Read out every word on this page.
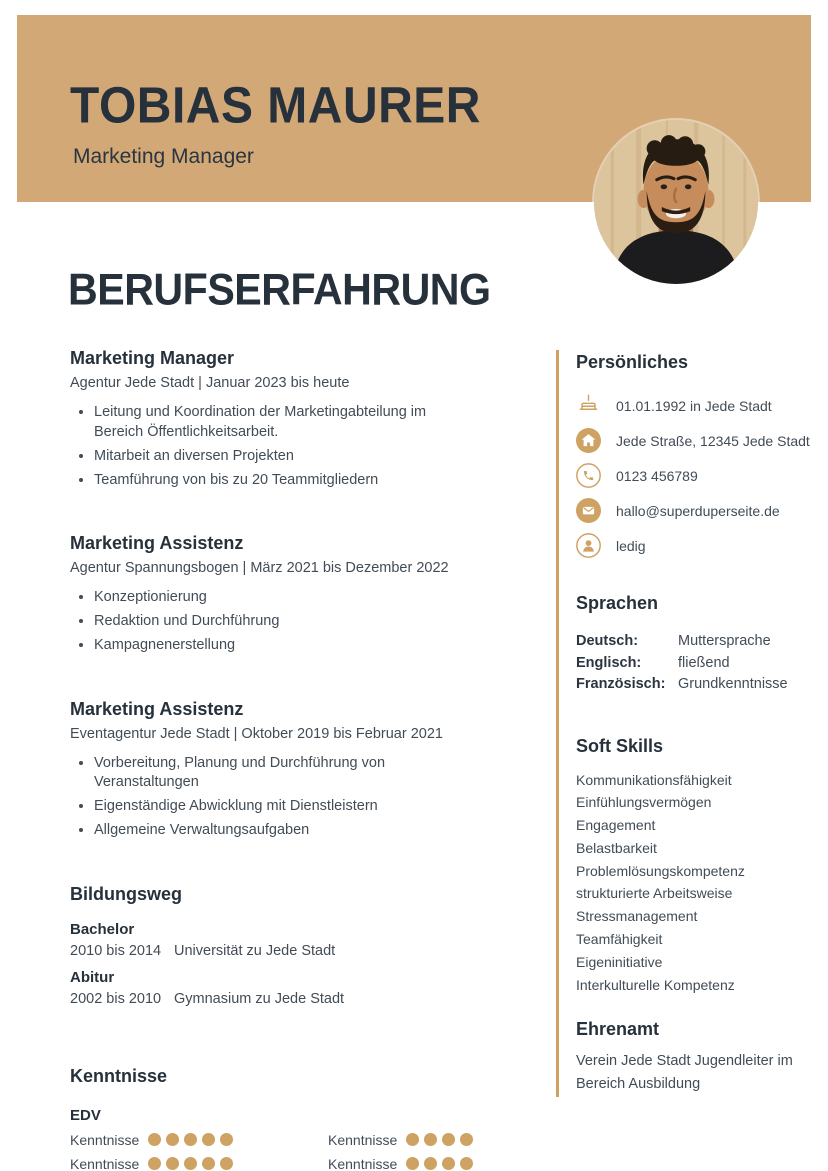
TOBIAS MAURER
Marketing Manager
BERUFSERFAHRUNG
Marketing Manager
Agentur Jede Stadt | Januar 2023 bis heute
• Leitung und Koordination der Marketingabteilung im Bereich Öffentlichkeitsarbeit.
• Mitarbeit an diversen Projekten
• Teamführung von bis zu 20 Teammitgliedern
Marketing Assistenz
Agentur Spannungsbogen | März 2021 bis Dezember 2022
• Konzeptionierung
• Redaktion und Durchführung
• Kampagnenerstellung
Marketing Assistenz
Eventagentur Jede Stadt | Oktober 2019 bis Februar 2021
• Vorbereitung, Planung und Durchführung von Veranstaltungen
• Eigenständige Abwicklung mit Dienstleistern
• Allgemeine Verwaltungsaufgaben
Bildungsweg
Bachelor
2010 bis 2014 Universität zu Jede Stadt
Abitur
2002 bis 2010 Gymnasium zu Jede Stadt
Kenntnisse
EDV
Kenntnisse	Kenntnisse
Kenntnisse	Kenntnisse
Persönliches
01.01.1992 in Jede Stadt
Jede Straße, 12345 Jede Stadt
0123 456789
hallo@superduperseite.de
ledig
Sprachen
Deutsch:	Muttersprache
Englisch:	fließend
Französisch: Grundkenntnisse
Soft Skills
Kommunikationsfähigkeit
Einfühlungsvermögen
Engagement
Belastbarkeit
Problemlösungskompetenz
strukturierte Arbeitsweise
Stressmanagement
Teamfähigkeit
Eigeninitiative
Interkulturelle Kompetenz
Ehrenamt

Verein Jede Stadt Jugendleiter im Bereich Ausbildung
